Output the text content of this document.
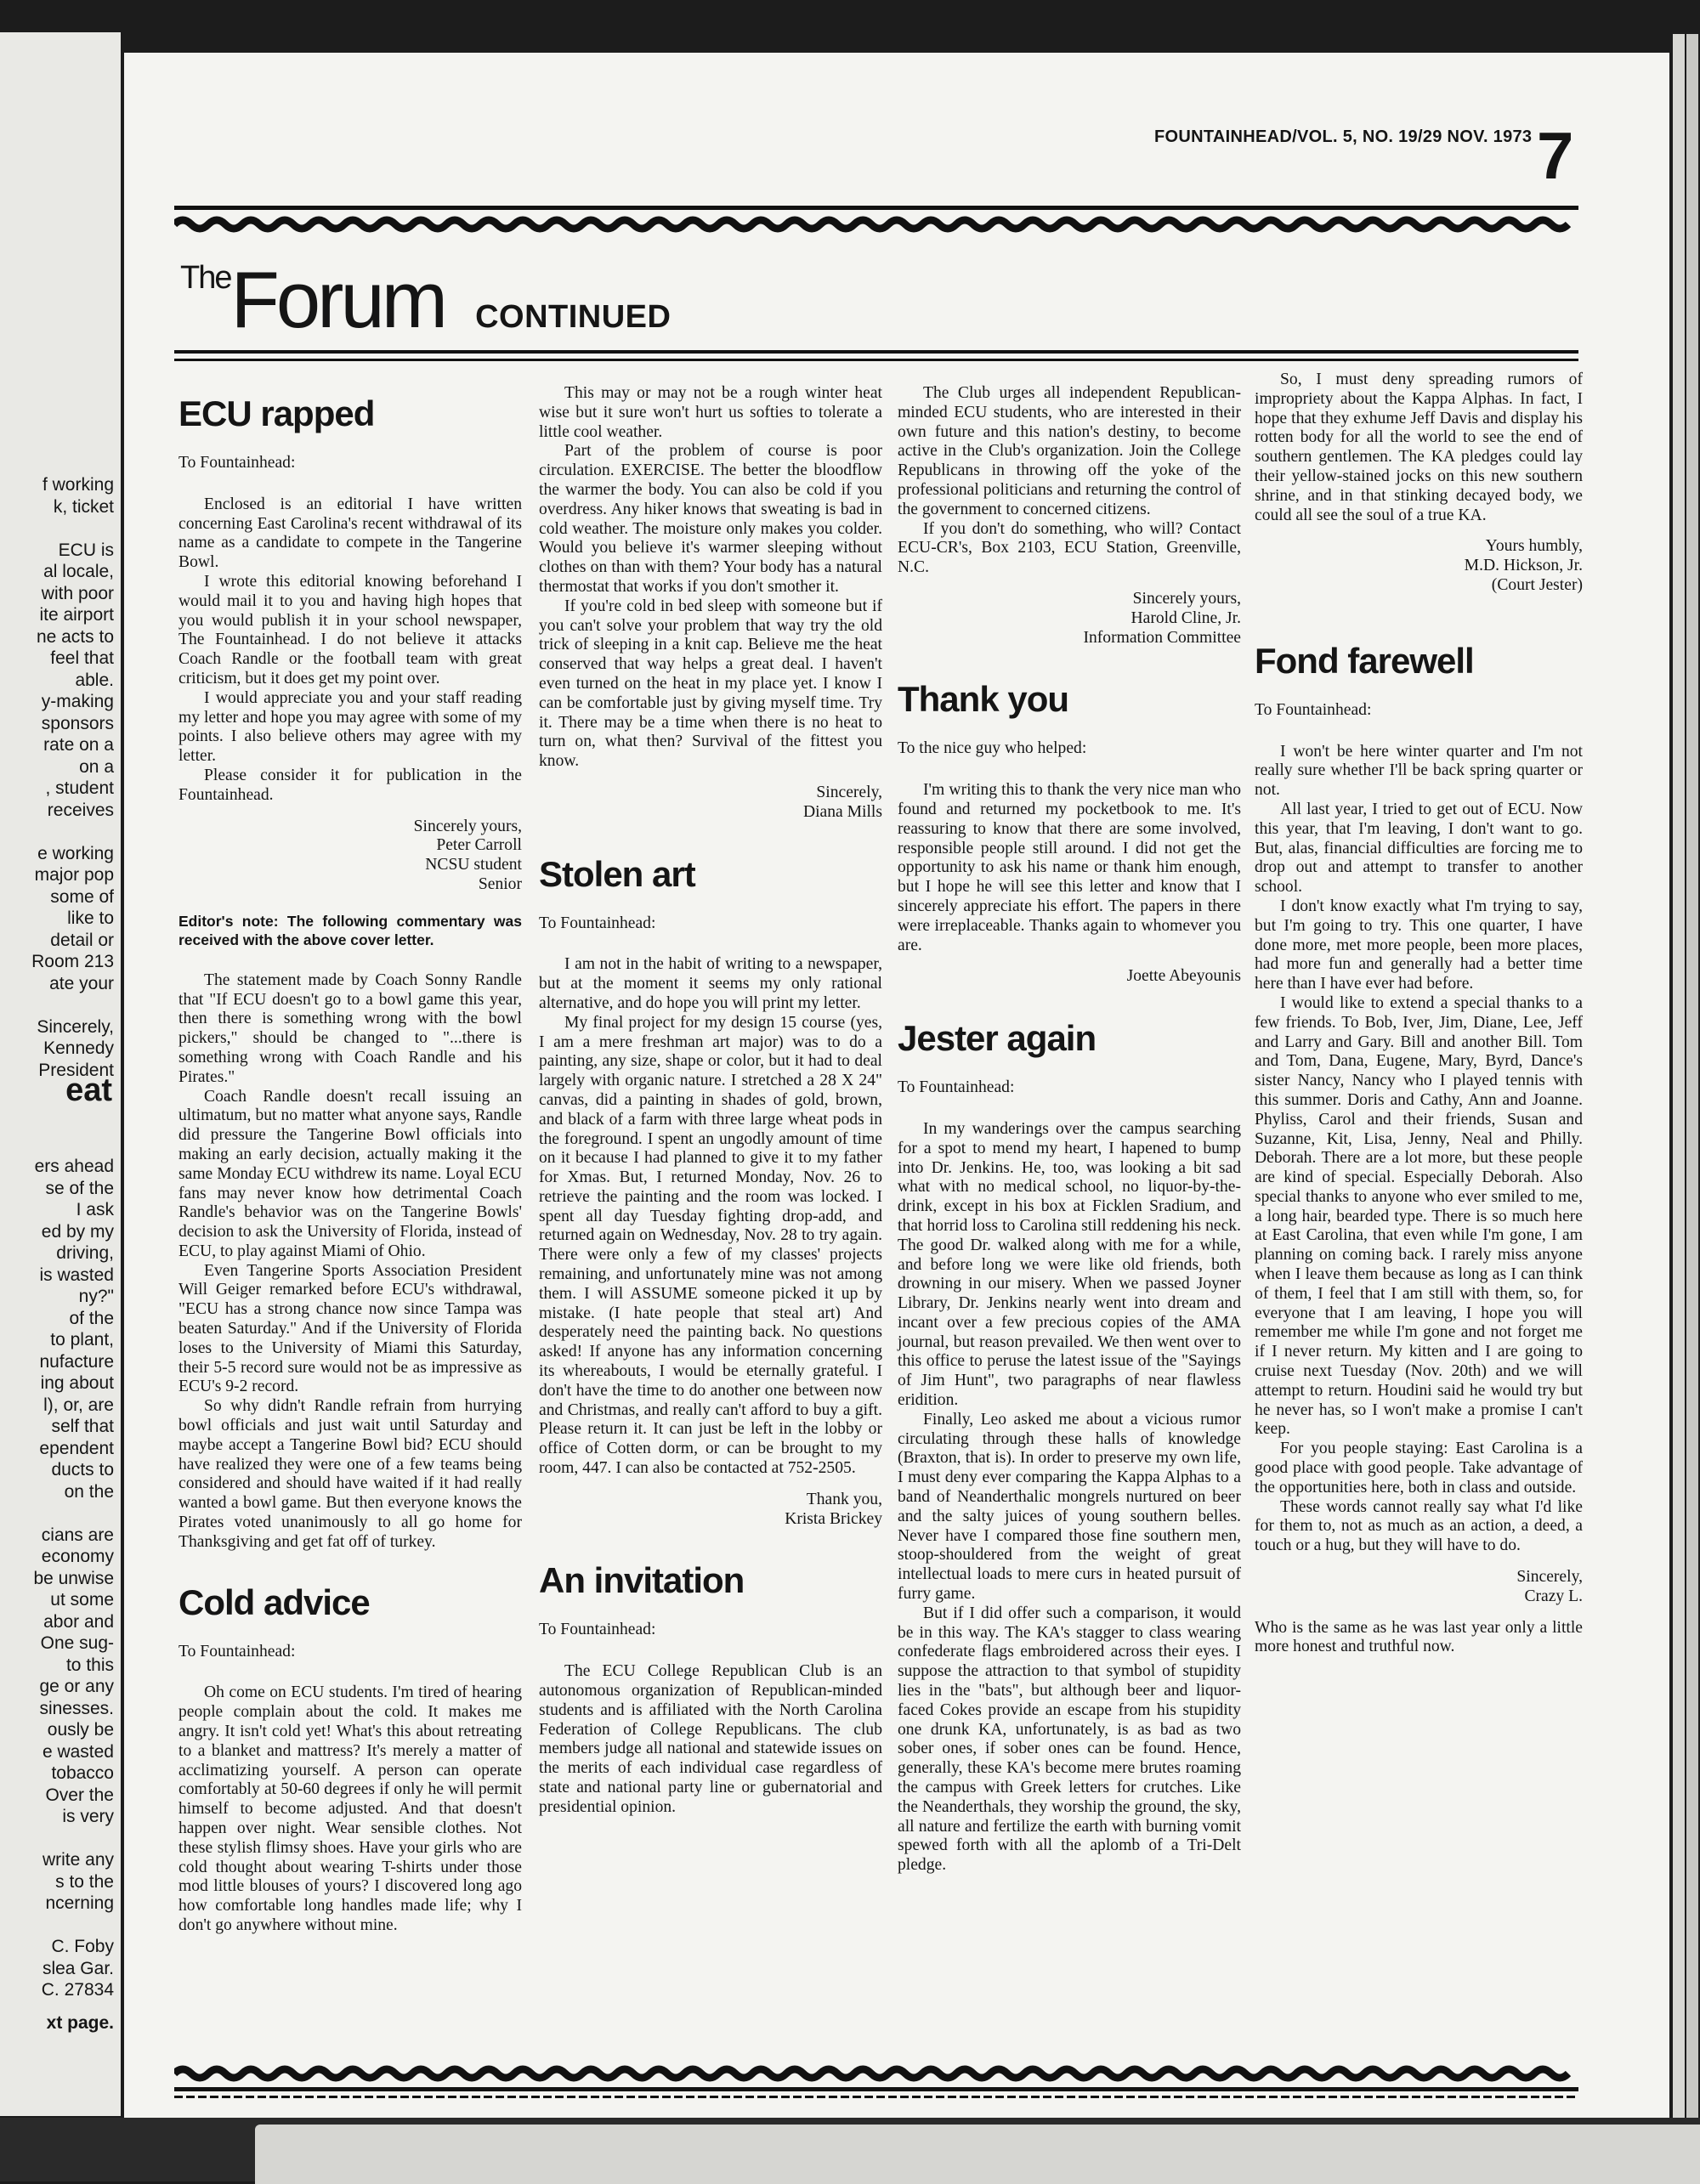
f working
k, ticket
ECU is
al locale,
with poor
ite airport
ne acts to
feel that
able.
y-making
sponsors
rate on a
on a
, student
receives
e working
major pop
some of
like to
detail or
Room 213
ate your
Sincerely,
Kennedy
President
eat
ers ahead
se of the
I ask
ed by my
driving,
is wasted
ny?"
of the
to plant,
nufacture
ing about
l), or, are
self that
ependent
ducts to
on the
cians are
economy
be unwise
ut some
abor and
One sug-
to this
ge or any
sinesses.
ously be
e wasted
tobacco
Over the
is very
write any
s to the
ncerning
C. Foby
slea Gar.
C. 27834
xt page.
FOUNTAINHEAD/VOL. 5, NO. 19/29 NOV. 1973 7
TheForum CONTINUED
ECU rapped

To Fountainhead:

Enclosed is an editorial I have written concerning East Carolina's recent withdrawal of its name as a candidate to compete in the Tangerine Bowl.

I wrote this editorial knowing beforehand I would mail it to you and having high hopes that you would publish it in your school newspaper, The Fountainhead. I do not believe it attacks Coach Randle or the football team with great criticism, but it does get my point over.

I would appreciate you and your staff reading my letter and hope you may agree with some of my points. I also believe others may agree with my letter.

Please consider it for publication in the Fountainhead.

Sincerely yours,
Peter Carroll
NCSU student
Senior
Editor's note: The following commentary was received with the above cover letter.

The statement made by Coach Sonny Randle that "If ECU doesn't go to a bowl game this year, then there is something wrong with the bowl pickers," should be changed to "...there is something wrong with Coach Randle and his Pirates."

Coach Randle doesn't recall issuing an ultimatum, but no matter what anyone says, Randle did pressure the Tangerine Bowl officials into making an early decision, actually making it the same Monday ECU withdrew its name. Loyal ECU fans may never know how detrimental Coach Randle's behavior was on the Tangerine Bowls' decision to ask the University of Florida, instead of ECU, to play against Miami of Ohio.

Even Tangerine Sports Association President Will Geiger remarked before ECU's withdrawal, "ECU has a strong chance now since Tampa was beaten Saturday." And if the University of Florida loses to the University of Miami this Saturday, their 5-5 record sure would not be as impressive as ECU's 9-2 record.

So why didn't Randle refrain from hurrying bowl officials and just wait until Saturday and maybe accept a Tangerine Bowl bid? ECU should have realized they were one of a few teams being considered and should have waited if it had really wanted a bowl game. But then everyone knows the Pirates voted unanimously to all go home for Thanksgiving and get fat off of turkey.

Cold advice

To Fountainhead:

Oh come on ECU students. I'm tired of hearing people complain about the cold. It makes me angry. It isn't cold yet! What's this about retreating to a blanket and mattress? It's merely a matter of acclimatizing yourself. A person can operate comfortably at 50-60 degrees if only he will permit himself to become adjusted. And that doesn't happen over night. Wear sensible clothes. Not these stylish flimsy shoes. Have your girls who are cold thought about wearing T-shirts under those mod little blouses of yours? I discovered long ago how comfortable long handles made life; why I don't go anywhere without mine.

This may or may not be a rough winter heat wise but it sure won't hurt us softies to tolerate a little cool weather.

Part of the problem of course is poor circulation. EXERCISE. The better the bloodflow the warmer the body. You can also be cold if you overdress. Any hiker knows that sweating is bad in cold weather. The moisture only makes you colder. Would you believe it's warmer sleeping without clothes on than with them? Your body has a natural thermostat that works if you don't smother it.

If you're cold in bed sleep with someone but if you can't solve your problem that way try the old trick of sleeping in a knit cap. Believe me the heat conserved that way helps a great deal. I haven't even turned on the heat in my place yet. I know I can be comfortable just by giving myself time. Try it. There may be a time when there is no heat to turn on, what then? Survival of the fittest you know.

Sincerely,
Diana Mills
Stolen art

To Fountainhead:

I am not in the habit of writing to a newspaper, but at the moment it seems my only rational alternative, and do hope you will print my letter.

My final project for my design 15 course (yes, I am a mere freshman art major) was to do a painting, any size, shape or color, but it had to deal largely with organic nature. I stretched a 28 X 24" canvas, did a painting in shades of gold, brown, and black of a farm with three large wheat pods in the foreground. I spent an ungodly amount of time on it because I had planned to give it to my father for Xmas. But, I returned Monday, Nov. 26 to retrieve the painting and the room was locked. I spent all day Tuesday fighting drop-add, and returned again on Wednesday, Nov. 28 to try again. There were only a few of my classes' projects remaining, and unfortunately mine was not among them. I will ASSUME someone picked it up by mistake. (I hate people that steal art) And desperately need the painting back. No questions asked! If anyone has any information concerning its whereabouts, I would be eternally grateful. I don't have the time to do another one between now and Christmas, and really can't afford to buy a gift. Please return it. It can just be left in the lobby or office of Cotten dorm, or can be brought to my room, 447. I can also be contacted at 752-2505.

Thank you,
Krista Brickey
An invitation

To Fountainhead:

The ECU College Republican Club is an autonomous organization of Republican-minded students and is affiliated with the North Carolina Federation of College Republicans. The club members judge all national and statewide issues on the merits of each individual case regardless of state and national party line or gubernatorial and presidential opinion.

The Club urges all independent Republican-minded ECU students, who are interested in their own future and this nation's destiny, to become active in the Club's organization. Join the College Republicans in throwing off the yoke of the professional politicians and returning the control of the government to concerned citizens.

If you don't do something, who will? Contact ECU-CR's, Box 2103, ECU Station, Greenville, N.C.

Sincerely yours,
Harold Cline, Jr.
Information Committee
Thank you

To the nice guy who helped:

I'm writing this to thank the very nice man who found and returned my pocketbook to me. It's reassuring to know that there are some involved, responsible people still around. I did not get the opportunity to ask his name or thank him enough, but I hope he will see this letter and know that I sincerely appreciate his effort. The papers in there were irreplaceable. Thanks again to whomever you are.

Joette Abeyounis
Jester again

To Fountainhead:

In my wanderings over the campus searching for a spot to mend my heart, I hapened to bump into Dr. Jenkins. He, too, was looking a bit sad what with no medical school, no liquor-by-the-drink, except in his box at Ficklen Sradium, and that horrid loss to Carolina still reddening his neck. The good Dr. walked along with me for a while, and before long we were like old friends, both drowning in our misery. When we passed Joyner Library, Dr. Jenkins nearly went into dream and incant over a few precious copies of the AMA journal, but reason prevailed. We then went over to this office to peruse the latest issue of the "Sayings of Jim Hunt", two paragraphs of near flawless eridition.

Finally, Leo asked me about a vicious rumor circulating through these halls of knowledge (Braxton, that is). In order to preserve my own life, I must deny ever comparing the Kappa Alphas to a band of Neanderthalic mongrels nurtured on beer and the salty juices of young southern belles. Never have I compared those fine southern men, stoop-shouldered from the weight of great intellectual loads to mere curs in heated pursuit of furry game.

But if I did offer such a comparison, it would be in this way. The KA's stagger to class wearing confederate flags embroidered across their eyes. I suppose the attraction to that symbol of stupidity lies in the "bats", but although beer and liquor-faced Cokes provide an escape from his stupidity one drunk KA, unfortunately, is as bad as two sober ones, if sober ones can be found. Hence, generally, these KA's become mere brutes roaming the campus with Greek letters for crutches. Like the Neanderthals, they worship the ground, the sky, all nature and fertilize the earth with burning vomit spewed forth with all the aplomb of a Tri-Delt pledge.

So, I must deny spreading rumors of impropriety about the Kappa Alphas. In fact, I hope that they exhume Jeff Davis and display his rotten body for all the world to see the end of southern gentlemen. The KA pledges could lay their yellow-stained jocks on this new southern shrine, and in that stinking decayed body, we could all see the soul of a true KA.

Yours humbly,
M.D. Hickson, Jr.
(Court Jester)
Fond farewell

To Fountainhead:

I won't be here winter quarter and I'm not really sure whether I'll be back spring quarter or not.

All last year, I tried to get out of ECU. Now this year, that I'm leaving, I don't want to go. But, alas, financial difficulties are forcing me to drop out and attempt to transfer to another school.

I don't know exactly what I'm trying to say, but I'm going to try. This one quarter, I have done more, met more people, been more places, had more fun and generally had a better time here than I have ever had before.

I would like to extend a special thanks to a few friends. To Bob, Iver, Jim, Diane, Lee, Jeff and Larry and Gary. Bill and another Bill. Tom and Tom, Dana, Eugene, Mary, Byrd, Dance's sister Nancy, Nancy who I played tennis with this summer. Doris and Cathy, Ann and Joanne. Phyliss, Carol and their friends, Susan and Suzanne, Kit, Lisa, Jenny, Neal and Philly. Deborah. There are a lot more, but these people are kind of special. Especially Deborah. Also special thanks to anyone who ever smiled to me, a long hair, bearded type. There is so much here at East Carolina, that even while I'm gone, I am planning on coming back. I rarely miss anyone when I leave them because as long as I can think of them, I feel that I am still with them, so, for everyone that I am leaving, I hope you will remember me while I'm gone and not forget me if I never return. My kitten and I are going to cruise next Tuesday (Nov. 20th) and we will attempt to return. Houdini said he would try but he never has, so I won't make a promise I can't keep.

For you people staying: East Carolina is a good place with good people. Take advantage of the opportunities here, both in class and outside.

These words cannot really say what I'd like for them to, not as much as an action, a deed, a touch or a hug, but they will have to do.

Sincerely,
Crazy L.

Who is the same as he was last year only a little more honest and truthful now.
